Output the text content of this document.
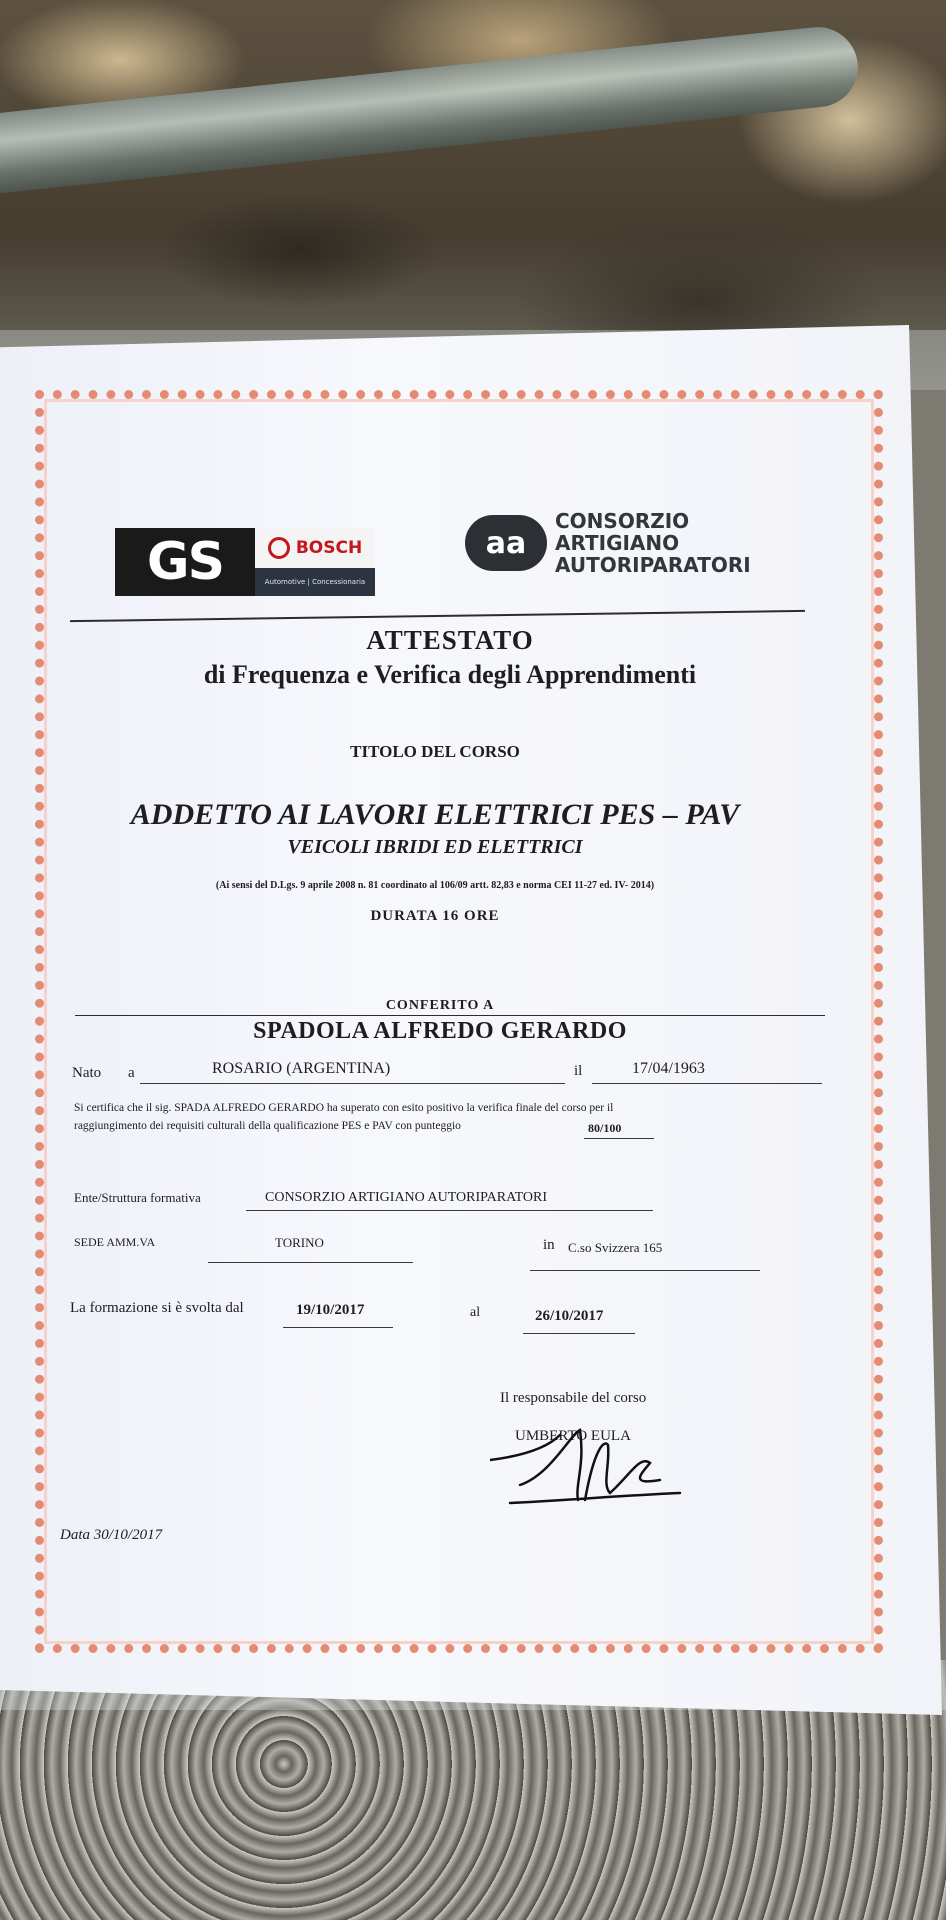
GS	BOSCH
Automotive | Concessionaria
aa
CONSORZIO
ARTIGIANO
AUTORIPARATORI
ATTESTATO
di Frequenza e Verifica degli Apprendimenti
TITOLO DEL CORSO
ADDETTO AI LAVORI ELETTRICI PES – PAV
VEICOLI IBRIDI ED ELETTRICI
(Ai sensi del D.Lgs. 9 aprile 2008 n. 81 coordinato al 106/09 artt. 82,83 e norma CEI 11-27 ed. IV- 2014)
DURATA 16 ORE
CONFERITO A
SPADOLA ALFREDO GERARDO
Nato a	ROSARIO (ARGENTINA)	il	17/04/1963
Si certifica che il sig. SPADA ALFREDO GERARDO ha superato con esito positivo la verifica finale del corso per il
raggiungimento dei requisiti culturali della qualificazione PES e PAV con punteggio	80/100
Ente/Struttura formativa	CONSORZIO ARTIGIANO AUTORIPARATORI
SEDE AMM.VA	TORINO	in C.so Svizzera 165
La formazione si è svolta dal	19/10/2017	al	26/10/2017
Il responsabile del corso
UMBERTO EULA
Data 30/10/2017
